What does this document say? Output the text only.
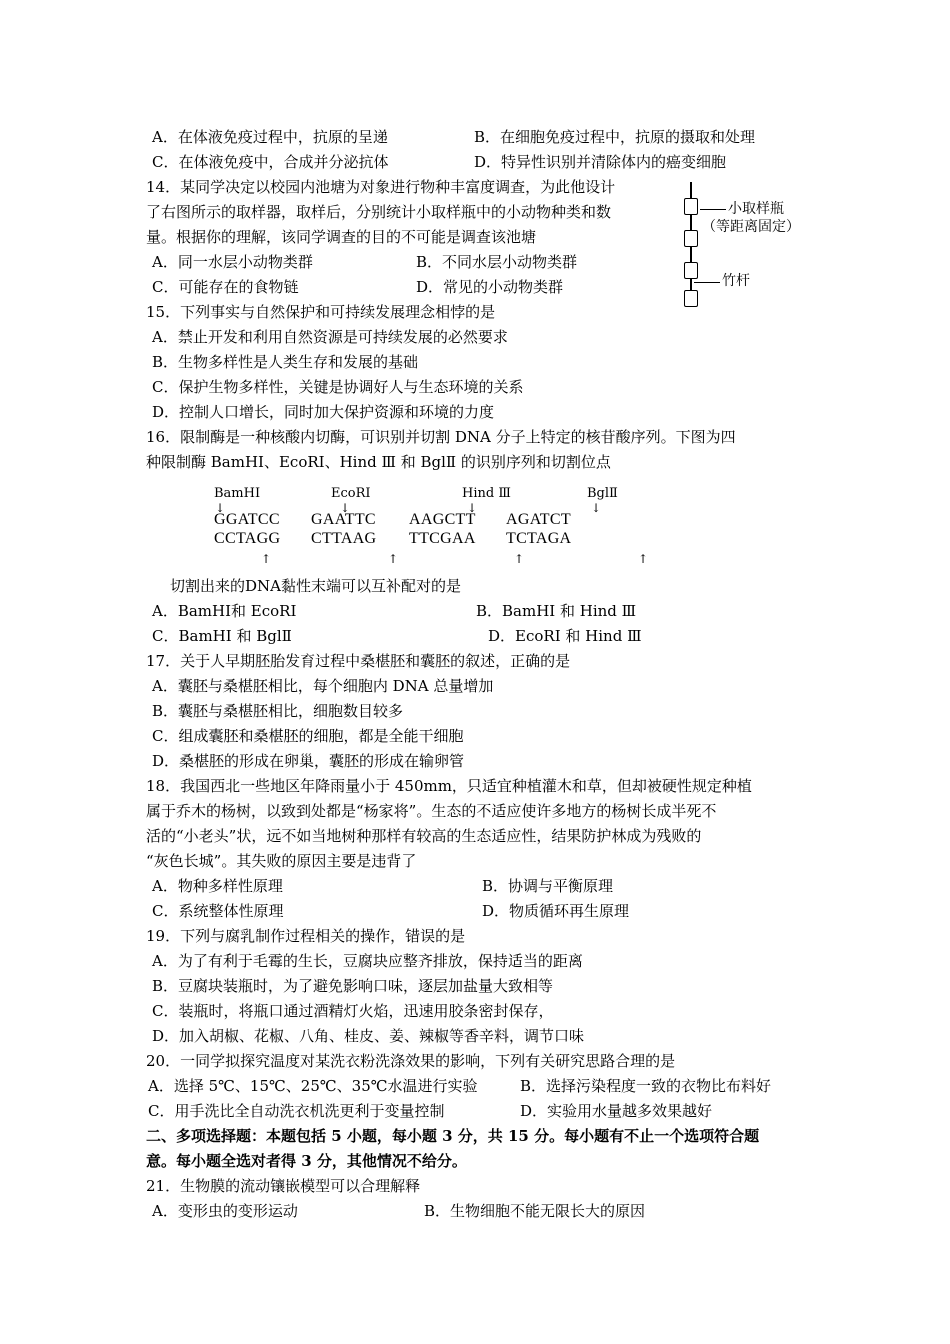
A．在体液免疫过程中，抗原的呈递	B．在细胞免疫过程中，抗原的摄取和处理
C．在体液免疫中，合成并分泌抗体	D．特异性识别并清除体内的癌变细胞
14．某同学决定以校园内池塘为对象进行物种丰富度调查，为此他设计
了右图所示的取样器，取样后，分别统计小取样瓶中的小动物种类和数
量。根据你的理解，该同学调查的目的不可能是调查该池塘
A．同一水层小动物类群	B．不同水层小动物类群
C．可能存在的食物链	D．常见的小动物类群
小取样瓶
（等距离固定）
竹杆
15．下列事实与自然保护和可持续发展理念相悖的是
A．禁止开发和利用自然资源是可持续发展的必然要求
B．生物多样性是人类生存和发展的基础
C．保护生物多样性，关键是协调好人与生态环境的关系
D．控制人口增长，同时加大保护资源和环境的力度
16．限制酶是一种核酸内切酶，可识别并切割 DNA 分子上特定的核苷酸序列。下图为四
种限制酶 BamHⅠ、EcoRⅠ、Hind Ⅲ 和 BglⅡ 的识别序列和切割位点
BamHⅠ	EcoRⅠ	Hind Ⅲ	BglⅡ
↓	↓	↓	↓
GGATCC GAATTC AAGCTT AGATCT
CCTAGG CTTAAG TTCGAA TCTAGA
↑	↑	↑	↑
切割出来的DNA黏性末端可以互补配对的是
A．BamHⅠ和 EcoRⅠ	B．BamHⅠ 和 Hind Ⅲ
C．BamHⅠ 和 BglⅡ	D．EcoRⅠ 和 Hind Ⅲ
17．关于人早期胚胎发育过程中桑椹胚和囊胚的叙述，正确的是
A．囊胚与桑椹胚相比，每个细胞内 DNA 总量增加
B．囊胚与桑椹胚相比，细胞数目较多
C．组成囊胚和桑椹胚的细胞，都是全能干细胞
D．桑椹胚的形成在卵巢，囊胚的形成在输卵管
18．我国西北一些地区年降雨量小于 450mm，只适宜种植灌木和草，但却被硬性规定种植
属于乔木的杨树，以致到处都是“杨家将”。生态的不适应使许多地方的杨树长成半死不
活的“小老头”状，远不如当地树种那样有较高的生态适应性，结果防护林成为残败的
“灰色长城”。其失败的原因主要是违背了
A．物种多样性原理	B．协调与平衡原理
C．系统整体性原理	D．物质循环再生原理
19．下列与腐乳制作过程相关的操作，错误的是
A．为了有利于毛霉的生长，豆腐块应整齐排放，保持适当的距离
B．豆腐块装瓶时，为了避免影响口味，逐层加盐量大致相等
C．装瓶时，将瓶口通过酒精灯火焰，迅速用胶条密封保存，
D．加入胡椒、花椒、八角、桂皮、姜、辣椒等香辛料，调节口味
20．一同学拟探究温度对某洗衣粉洗涤效果的影响，下列有关研究思路合理的是
A．选择 5℃、15℃、25℃、35℃水温进行实验	B．选择污染程度一致的衣物比布料好
C．用手洗比全自动洗衣机洗更利于变量控制	D．实验用水量越多效果越好
二、多项选择题：本题包括 5 小题，每小题 3 分，共 15 分。每小题有不止一个选项符合题
意。每小题全选对者得 3 分，其他情况不给分。
21．生物膜的流动镶嵌模型可以合理解释
A．变形虫的变形运动	B．生物细胞不能无限长大的原因
